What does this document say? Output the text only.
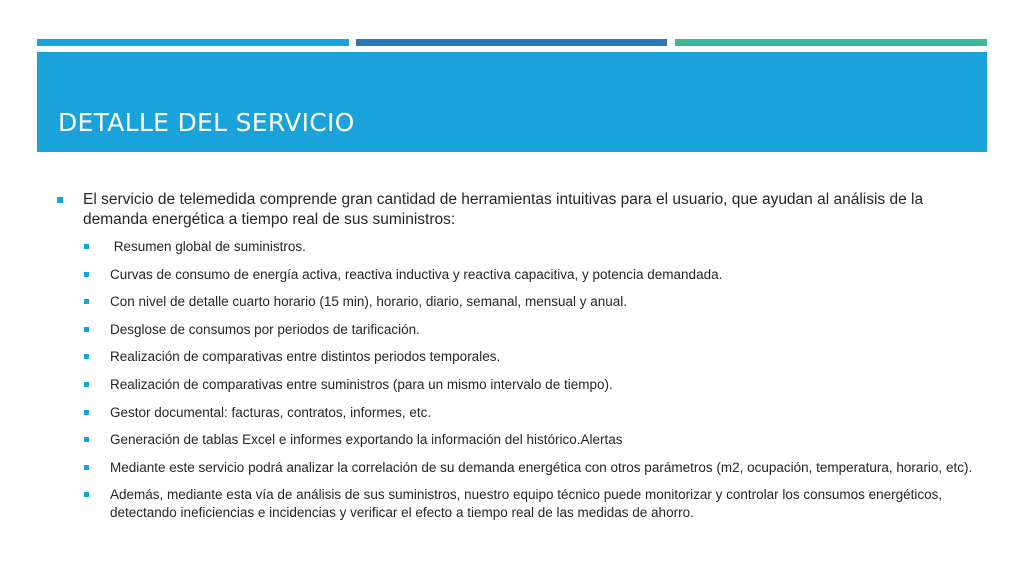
DETALLE DEL SERVICIO
El servicio de telemedida comprende gran cantidad de herramientas intuitivas para el usuario, que ayudan al análisis de la demanda energética a tiempo real de sus suministros:
Resumen global de suministros.
Curvas de consumo de energía activa, reactiva inductiva y reactiva capacitiva, y potencia demandada.
Con nivel de detalle cuarto horario (15 min), horario, diario, semanal, mensual y anual.
Desglose de consumos por periodos de tarificación.
Realización de comparativas entre distintos periodos temporales.
Realización de comparativas entre suministros (para un mismo intervalo de tiempo).
Gestor documental: facturas, contratos, informes, etc.
Generación de tablas Excel e informes exportando la información del histórico.Alertas
Mediante este servicio podrá analizar la correlación de su demanda energética con otros parámetros (m2, ocupación, temperatura, horario, etc).
Además, mediante esta vía de análisis de sus suministros, nuestro equipo técnico puede monitorizar y controlar los consumos energéticos, detectando ineficiencias e incidencias y verificar el efecto a tiempo real de las medidas de ahorro.
